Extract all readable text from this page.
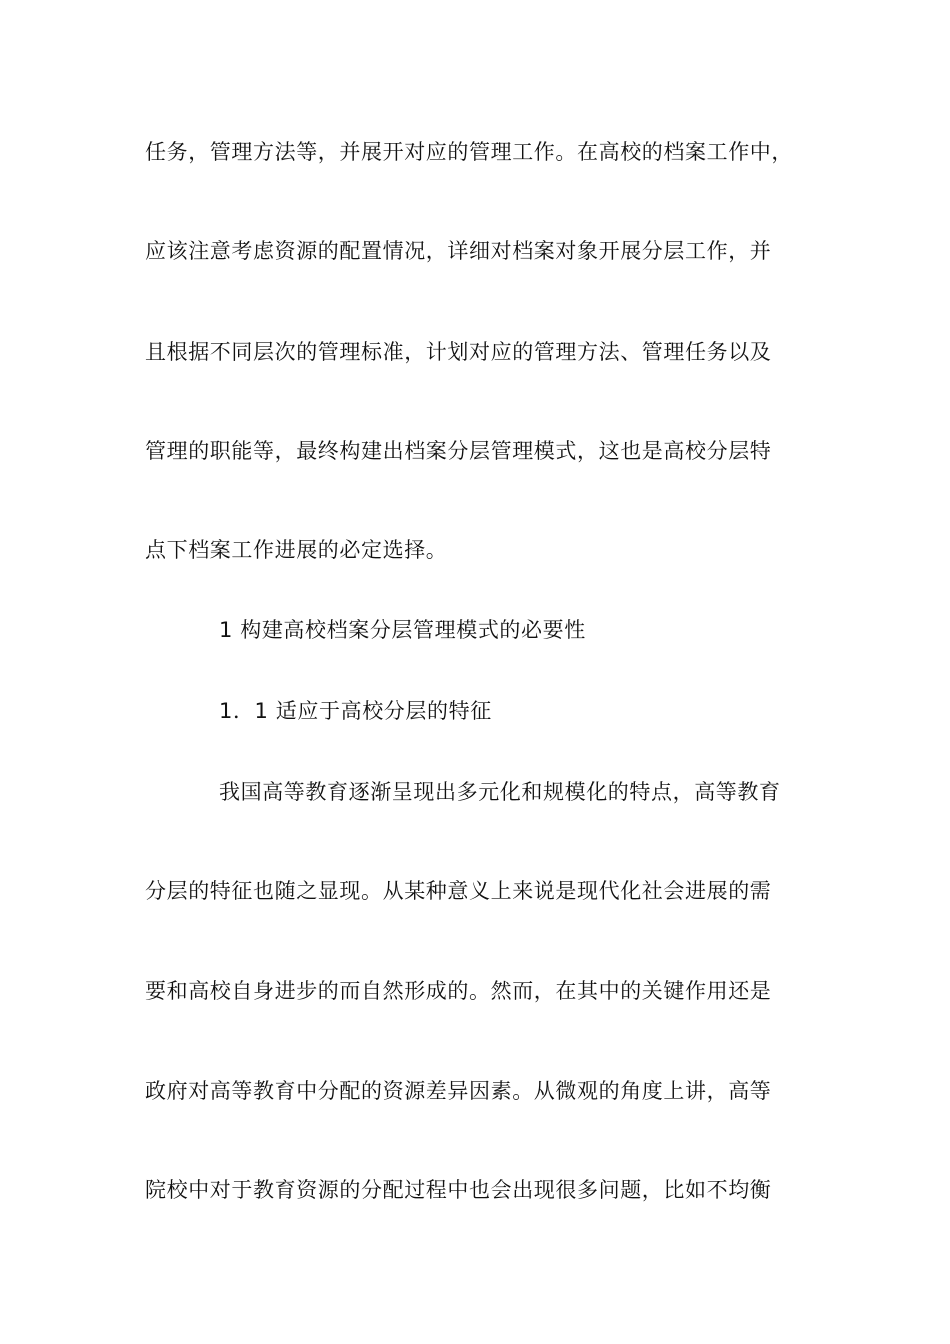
任务，管理方法等，并展开对应的管理工作。在高校的档案工作中，
应该注意考虑资源的配置情况，详细对档案对象开展分层工作，并
且根据不同层次的管理标准，计划对应的管理方法、管理任务以及
管理的职能等，最终构建出档案分层管理模式，这也是高校分层特
点下档案工作进展的必定选择。
1 构建高校档案分层管理模式的必要性
1．1 适应于高校分层的特征
我国高等教育逐渐呈现出多元化和规模化的特点，高等教育
分层的特征也随之显现。从某种意义上来说是现代化社会进展的需
要和高校自身进步的而自然形成的。然而，在其中的关键作用还是
政府对高等教育中分配的资源差异因素。从微观的角度上讲，高等
院校中对于教育资源的分配过程中也会出现很多问题，比如不均衡
